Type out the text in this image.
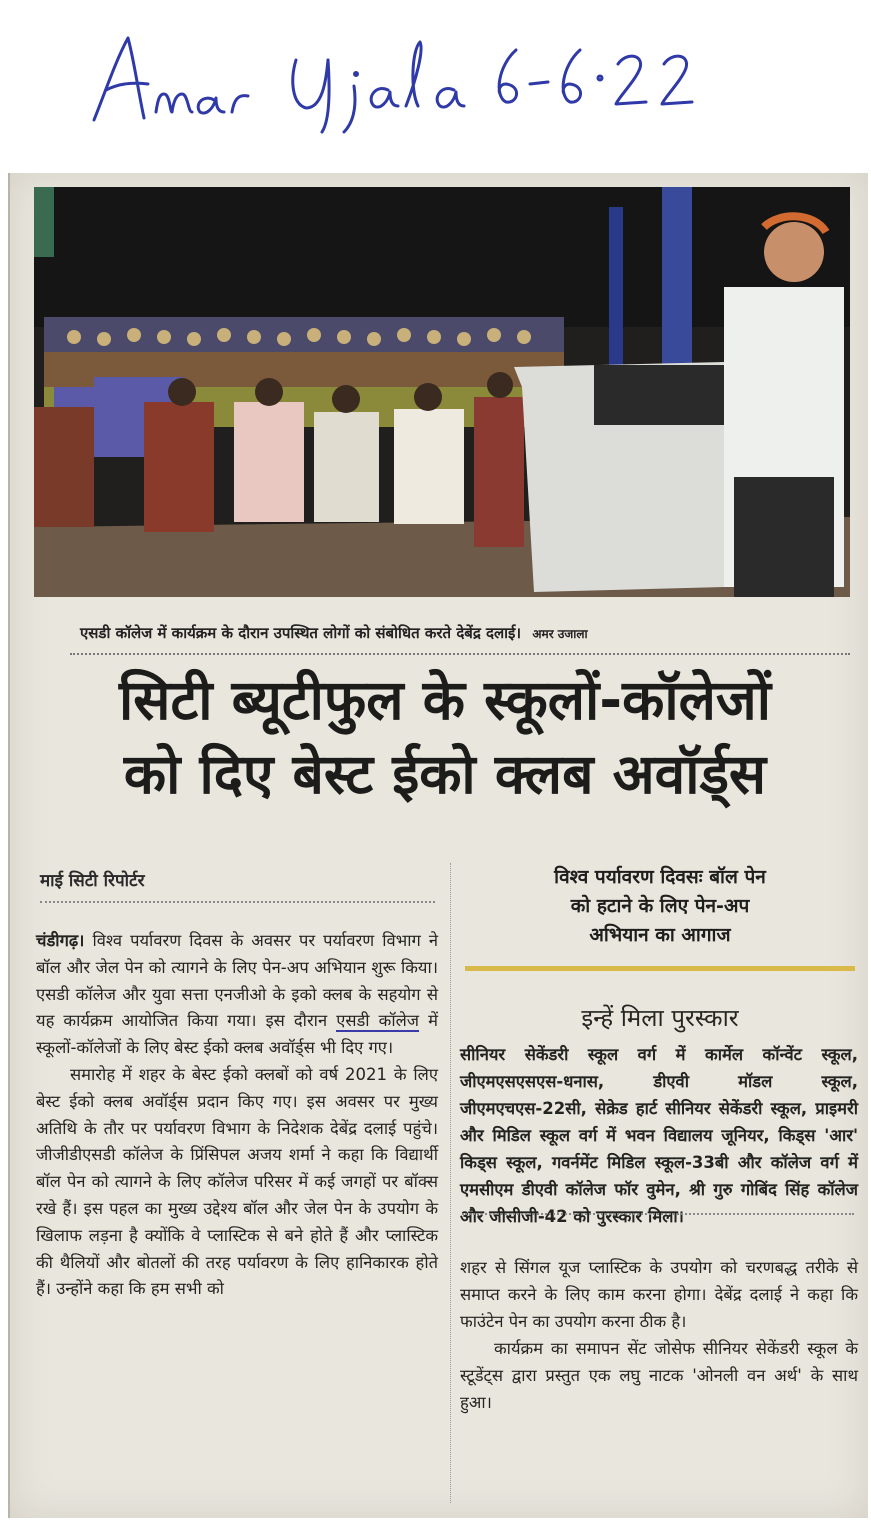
एसडी कॉलेज में कार्यक्रम के दौरान उपस्थित लोगों को संबोधित करते देबेंद्र दलाई। अमर उजाला
सिटी ब्यूटीफुल के स्कूलों-कॉलेजों
को दिए बेस्ट ईको क्लब अवॉर्ड्स
माई सिटी रिपोर्टर

चंडीगढ़। विश्व पर्यावरण दिवस के अवसर पर पर्यावरण विभाग ने बॉल और जेल पेन को त्यागने के लिए पेन-अप अभियान शुरू किया। एसडी कॉलेज और युवा सत्ता एनजीओ के इको क्लब के सहयोग से यह कार्यक्रम आयोजित किया गया। इस दौरान एसडी कॉलेज में स्कूलों-कॉलेजों के लिए बेस्ट ईको क्लब अवॉर्ड्स भी दिए गए।

समारोह में शहर के बेस्ट ईको क्लबों को वर्ष 2021 के लिए बेस्ट ईको क्लब अवॉर्ड्स प्रदान किए गए। इस अवसर पर मुख्य अतिथि के तौर पर पर्यावरण विभाग के निदेशक देबेंद्र दलाई पहुंचे। जीजीडीएसडी कॉलेज के प्रिंसिपल अजय शर्मा ने कहा कि विद्यार्थी बॉल पेन को त्यागने के लिए कॉलेज परिसर में कई जगहों पर बॉक्स रखे हैं। इस पहल का मुख्य उद्देश्य बॉल और जेल पेन के उपयोग के खिलाफ लड़ना है क्योंकि वे प्लास्टिक से बने होते हैं और प्लास्टिक की थैलियों और बोतलों की तरह पर्यावरण के लिए हानिकारक होते हैं। उन्होंने कहा कि हम सभी को

विश्व पर्यावरण दिवसः बॉल पेन
को हटाने के लिए पेन-अप
अभियान का आगाज
इन्हें मिला पुरस्कार

सीनियर सेकेंडरी स्कूल वर्ग में कार्मेल कॉन्वेंट स्कूल, जीएमएसएसएस-धनास, डीएवी मॉडल स्कूल, जीएमएचएस-22सी, सेक्रेड हार्ट सीनियर सेकेंडरी स्कूल, प्राइमरी और मिडिल स्कूल वर्ग में भवन विद्यालय जूनियर, किड्स 'आर' किड्स स्कूल, गवर्नमेंट मिडिल स्कूल-33बी और कॉलेज वर्ग में एमसीएम डीएवी कॉलेज फॉर वुमेन, श्री गुरु गोबिंद सिंह कॉलेज और जीसीजी-42 को पुरस्कार मिला।

शहर से सिंगल यूज प्लास्टिक के उपयोग को चरणबद्ध तरीके से समाप्त करने के लिए काम करना होगा। देबेंद्र दलाई ने कहा कि फाउंटेन पेन का उपयोग करना ठीक है।

कार्यक्रम का समापन सेंट जोसेफ सीनियर सेकेंडरी स्कूल के स्टूडेंट्स द्वारा प्रस्तुत एक लघु नाटक 'ओनली वन अर्थ' के साथ हुआ।
